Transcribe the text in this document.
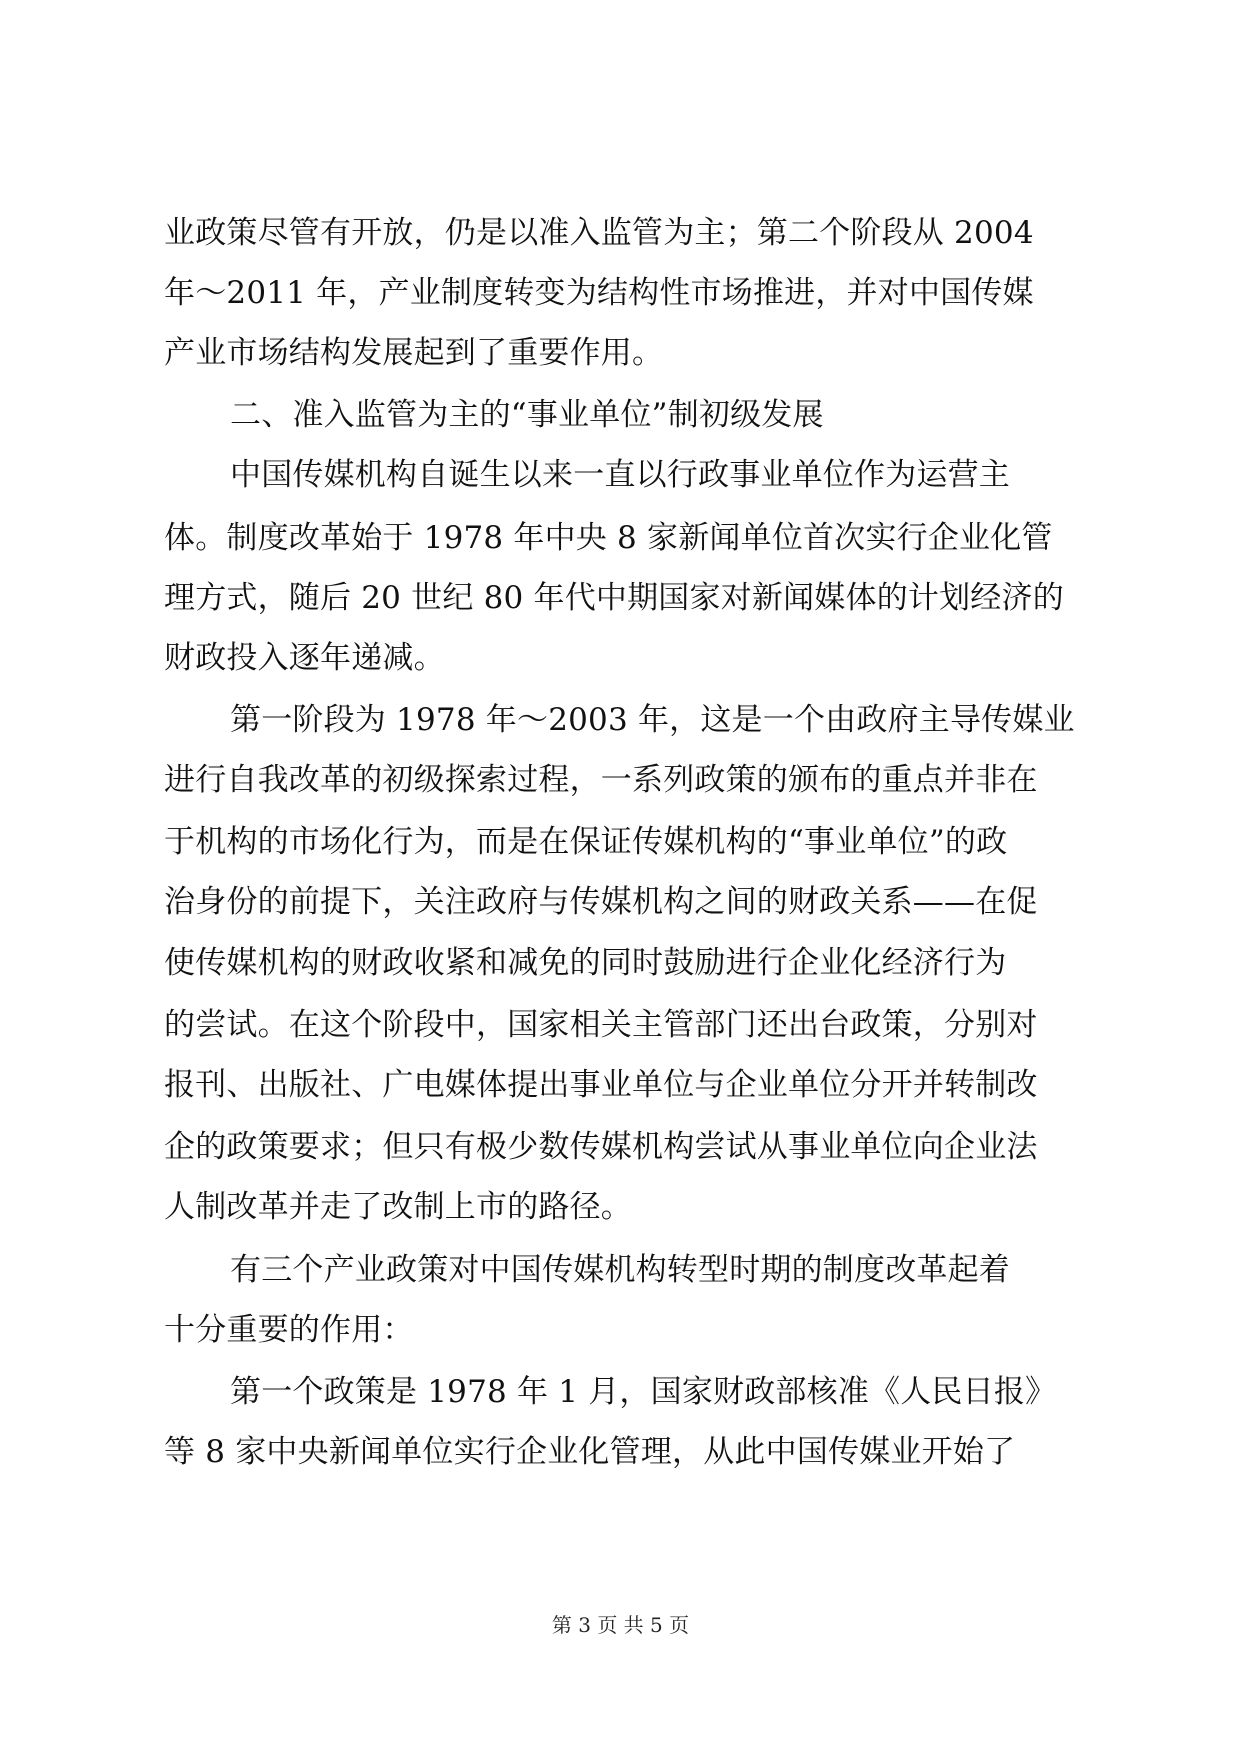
业政策尽管有开放，仍是以准入监管为主；第二个阶段从 2004
年～2011 年，产业制度转变为结构性市场推进，并对中国传媒
产业市场结构发展起到了重要作用。
二、准入监管为主的“事业单位”制初级发展
中国传媒机构自诞生以来一直以行政事业单位作为运营主
体。制度改革始于 1978 年中央 8 家新闻单位首次实行企业化管
理方式，随后 20 世纪 80 年代中期国家对新闻媒体的计划经济的
财政投入逐年递减。
第一阶段为 1978 年～2003 年，这是一个由政府主导传媒业
进行自我改革的初级探索过程，一系列政策的颁布的重点并非在
于机构的市场化行为，而是在保证传媒机构的“事业单位”的政
治身份的前提下，关注政府与传媒机构之间的财政关系——在促
使传媒机构的财政收紧和减免的同时鼓励进行企业化经济行为
的尝试。在这个阶段中，国家相关主管部门还出台政策，分别对
报刊、出版社、广电媒体提出事业单位与企业单位分开并转制改
企的政策要求；但只有极少数传媒机构尝试从事业单位向企业法
人制改革并走了改制上市的路径。
有三个产业政策对中国传媒机构转型时期的制度改革起着
十分重要的作用：
第一个政策是 1978 年 1 月，国家财政部核准《人民日报》
等 8 家中央新闻单位实行企业化管理，从此中国传媒业开始了
第 3 页 共 5 页
